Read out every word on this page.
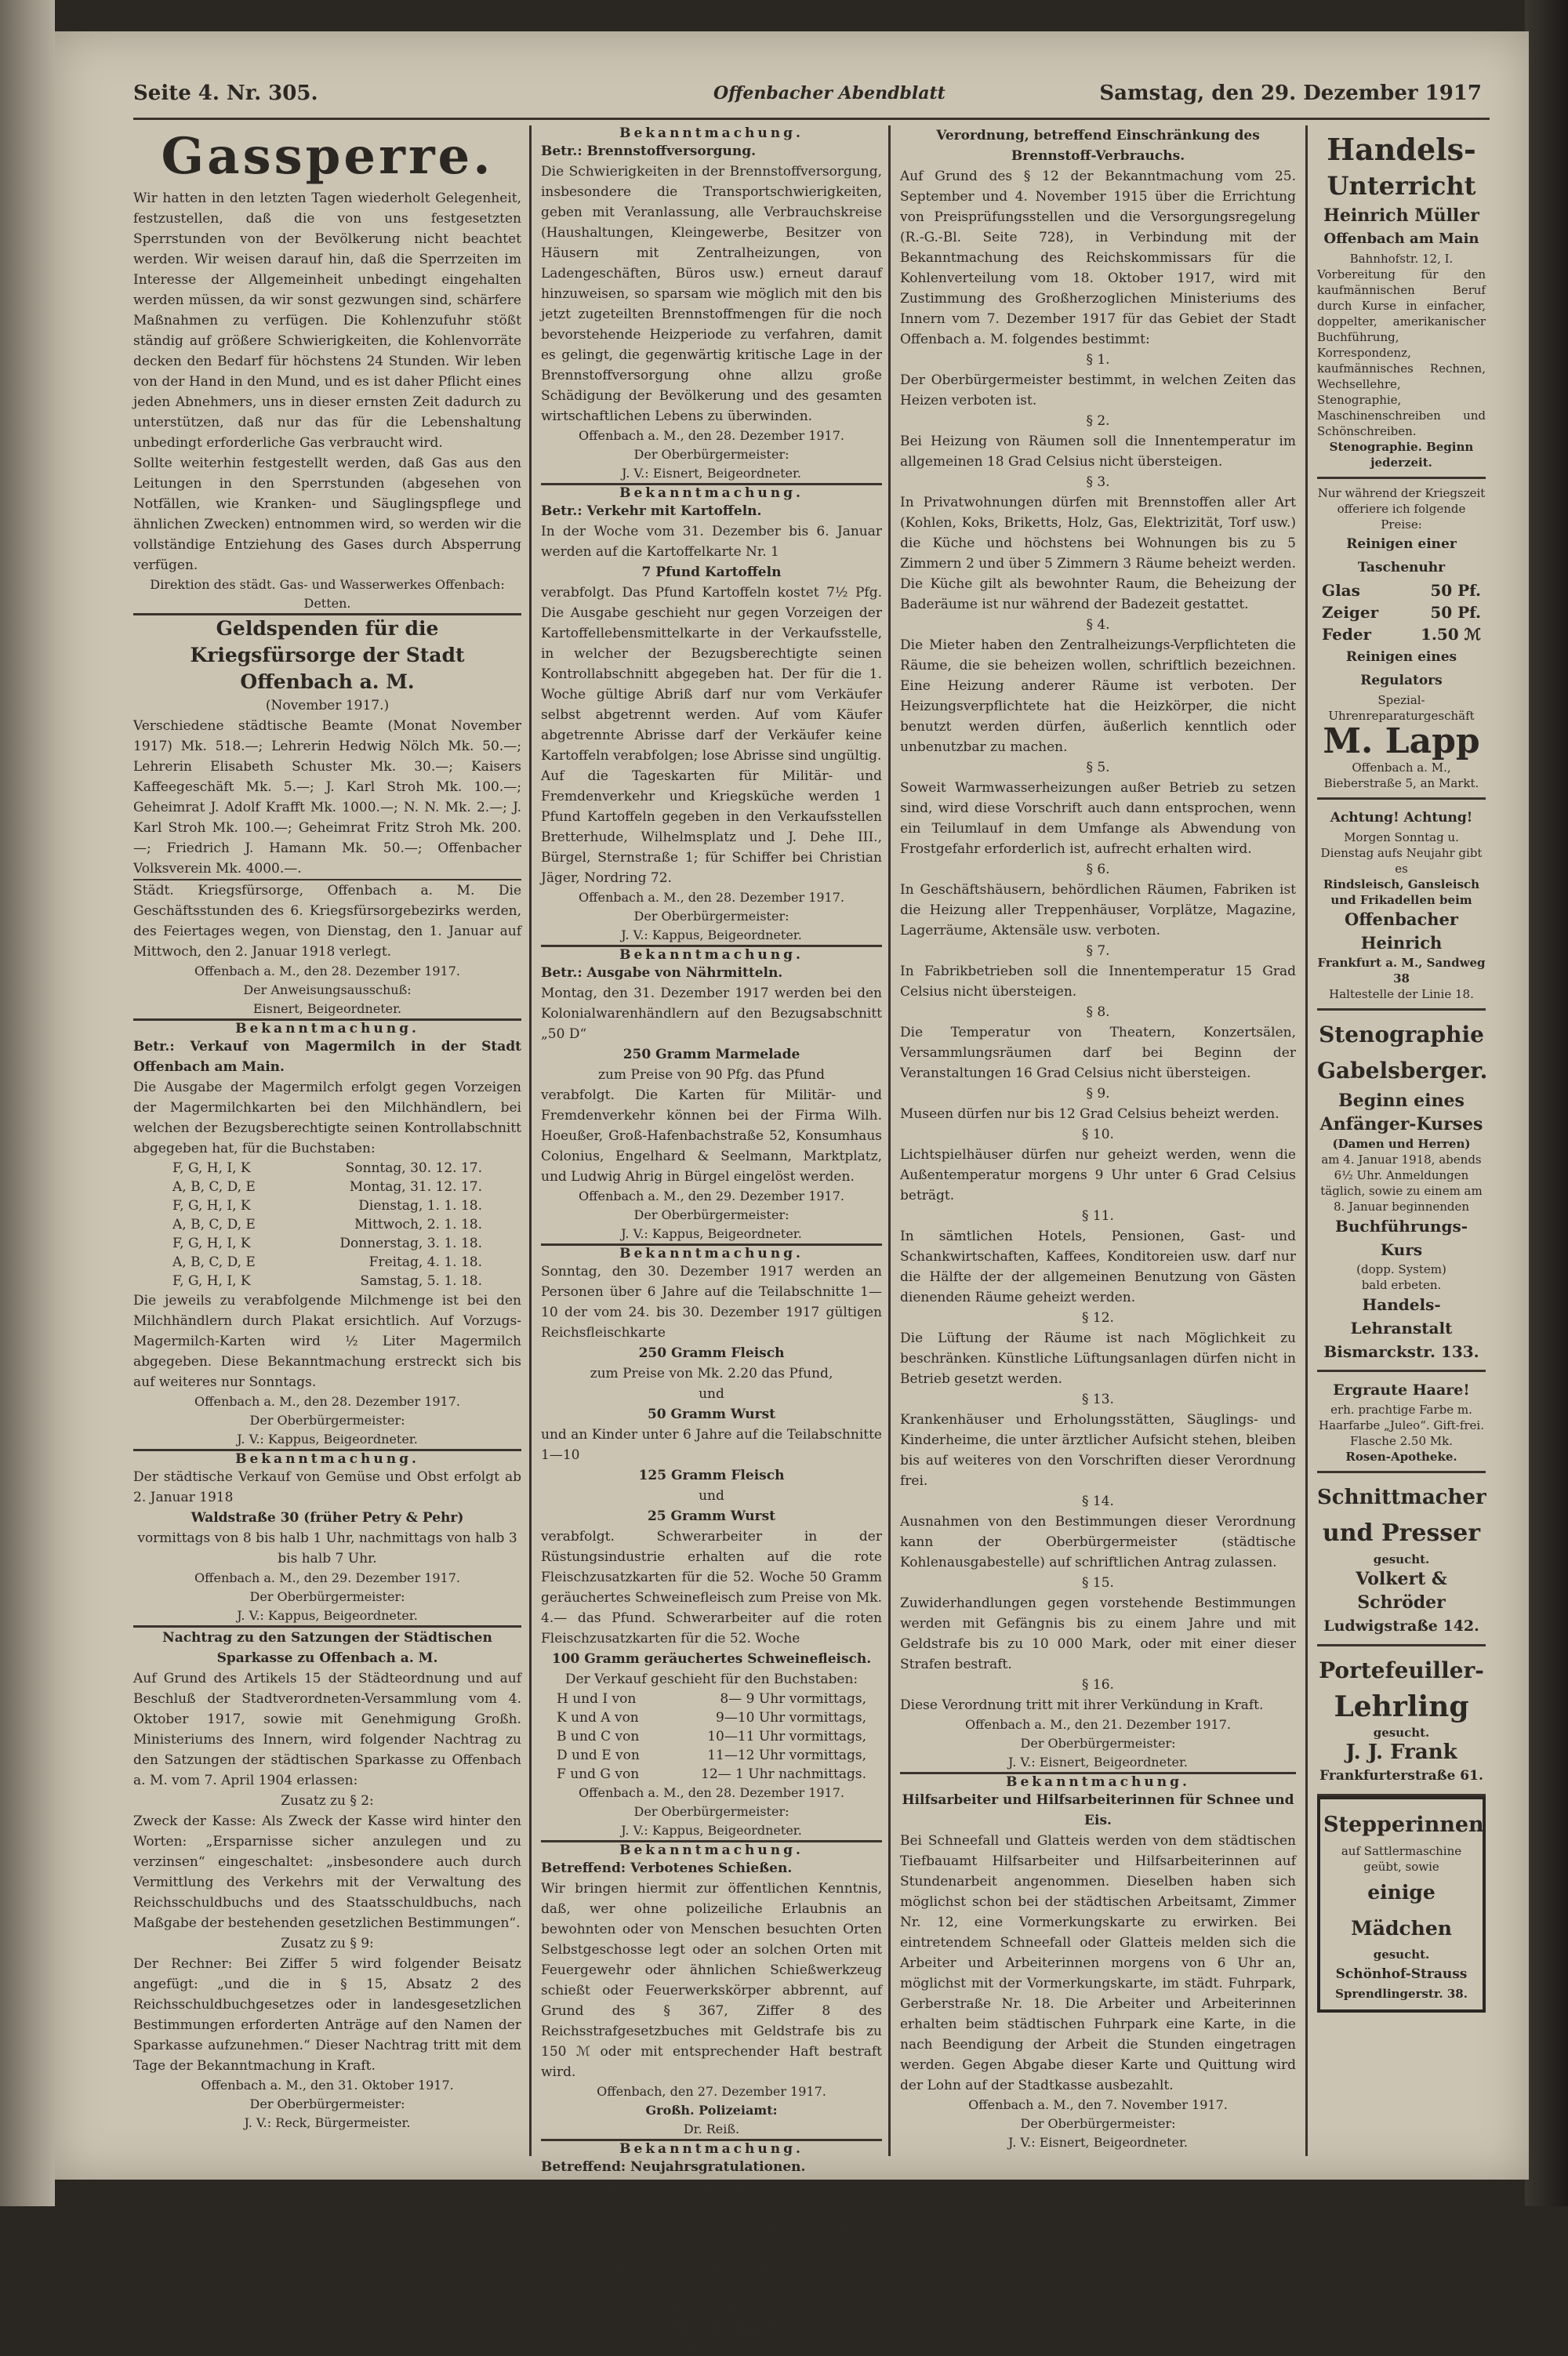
Seite 4. Nr. 305.	Offenbacher Abendblatt	Samstag, den 29. Dezember 1917
Gassperre.

Wir hatten in den letzten Tagen wiederholt Gelegenheit, festzustellen, daß die von uns festgesetzten Sperrstunden von der Bevölkerung nicht beachtet werden. Wir weisen darauf hin, daß die Sperrzeiten im Interesse der Allgemeinheit unbedingt eingehalten werden müssen, da wir sonst gezwungen sind, schärfere Maßnahmen zu verfügen. Die Kohlenzufuhr stößt ständig auf größere Schwierigkeiten, die Kohlenvorräte decken den Bedarf für höchstens 24 Stunden. Wir leben von der Hand in den Mund, und es ist daher Pflicht eines jeden Abnehmers, uns in dieser ernsten Zeit dadurch zu unterstützen, daß nur das für die Lebenshaltung unbedingt erforderliche Gas verbraucht wird.

Sollte weiterhin festgestellt werden, daß Gas aus den Leitungen in den Sperrstunden (abgesehen von Notfällen, wie Kranken- und Säuglingspflege und ähnlichen Zwecken) entnommen wird, so werden wir die vollständige Entziehung des Gases durch Absperrung verfügen.

Direktion des städt. Gas- und Wasserwerkes Offenbach:

Detten.

Geldspenden für die Kriegsfürsorge der Stadt Offenbach a. M.

(November 1917.)

Verschiedene städtische Beamte (Monat November 1917) Mk. 518.—; Lehrerin Hedwig Nölch Mk. 50.—; Lehrerin Elisabeth Schuster Mk. 30.—; Kaisers Kaffeegeschäft Mk. 5.—; J. Karl Stroh Mk. 100.—; Geheimrat J. Adolf Krafft Mk. 1000.—; N. N. Mk. 2.—; J. Karl Stroh Mk. 100.—; Geheimrat Fritz Stroh Mk. 200.—; Friedrich J. Hamann Mk. 50.—; Offenbacher Volksverein Mk. 4000.—.

Städt. Kriegsfürsorge, Offenbach a. M. Die Geschäftsstunden des 6. Kriegsfürsorgebezirks werden, des Feiertages wegen, von Dienstag, den 1. Januar auf Mittwoch, den 2. Januar 1918 verlegt.

Offenbach a. M., den 28. Dezember 1917.

Der Anweisungsausschuß:

Eisnert, Beigeordneter.

Bekanntmachung.

Betr.: Verkauf von Magermilch in der Stadt Offenbach am Main.

Die Ausgabe der Magermilch erfolgt gegen Vorzeigen der Magermilchkarten bei den Milchhändlern, bei welchen der Bezugsberechtigte seinen Kontrollabschnitt abgegeben hat, für die Buchstaben:

F, G, H, I, K	Sonntag, 30. 12. 17.
A, B, C, D, E	Montag, 31. 12. 17.
F, G, H, I, K	Dienstag, 1. 1. 18.
A, B, C, D, E	Mittwoch, 2. 1. 18.
F, G, H, I, K	Donnerstag, 3. 1. 18.
A, B, C, D, E	Freitag, 4. 1. 18.
F, G, H, I, K	Samstag, 5. 1. 18.

Die jeweils zu verabfolgende Milchmenge ist bei den Milchhändlern durch Plakat ersichtlich. Auf Vorzugs-Magermilch-Karten wird ½ Liter Magermilch abgegeben. Diese Bekanntmachung erstreckt sich bis auf weiteres nur Sonntags.

Offenbach a. M., den 28. Dezember 1917.

Der Oberbürgermeister:

J. V.: Kappus, Beigeordneter.

Bekanntmachung.

Der städtische Verkauf von Gemüse und Obst erfolgt ab 2. Januar 1918

Waldstraße 30 (früher Petry & Pehr)

vormittags von 8 bis halb 1 Uhr, nachmittags von halb 3 bis halb 7 Uhr.

Offenbach a. M., den 29. Dezember 1917.

Der Oberbürgermeister:

J. V.: Kappus, Beigeordneter.

Nachtrag zu den Satzungen der Städtischen Sparkasse zu Offenbach a. M.

Auf Grund des Artikels 15 der Städteordnung und auf Beschluß der Stadtverordneten-Versammlung vom 4. Oktober 1917, sowie mit Genehmigung Großh. Ministeriums des Innern, wird folgender Nachtrag zu den Satzungen der städtischen Sparkasse zu Offenbach a. M. vom 7. April 1904 erlassen:

Zusatz zu § 2:

Zweck der Kasse: Als Zweck der Kasse wird hinter den Worten: „Ersparnisse sicher anzulegen und zu verzinsen“ eingeschaltet: „insbesondere auch durch Vermittlung des Verkehrs mit der Verwaltung des Reichsschuldbuchs und des Staatsschuldbuchs, nach Maßgabe der bestehenden gesetzlichen Bestimmungen“.

Zusatz zu § 9:

Der Rechner: Bei Ziffer 5 wird folgender Beisatz angefügt: „und die in § 15, Absatz 2 des Reichsschuldbuchgesetzes oder in landesgesetzlichen Bestimmungen erforderten Anträge auf den Namen der Sparkasse aufzunehmen.“ Dieser Nachtrag tritt mit dem Tage der Bekanntmachung in Kraft.

Offenbach a. M., den 31. Oktober 1917.

Der Oberbürgermeister:

J. V.: Reck, Bürgermeister.

Bekanntmachung.

Betr.: Brennstoffversorgung.

Die Schwierigkeiten in der Brennstoffversorgung, insbesondere die Transportschwierigkeiten, geben mit Veranlassung, alle Verbrauchskreise (Haushaltungen, Kleingewerbe, Besitzer von Häusern mit Zentralheizungen, von Ladengeschäften, Büros usw.) erneut darauf hinzuweisen, so sparsam wie möglich mit den bis jetzt zugeteilten Brennstoffmengen für die noch bevorstehende Heizperiode zu verfahren, damit es gelingt, die gegenwärtig kritische Lage in der Brennstoffversorgung ohne allzu große Schädigung der Bevölkerung und des gesamten wirtschaftlichen Lebens zu überwinden.

Offenbach a. M., den 28. Dezember 1917.

Der Oberbürgermeister:

J. V.: Eisnert, Beigeordneter.

Bekanntmachung.

Betr.: Verkehr mit Kartoffeln.

In der Woche vom 31. Dezember bis 6. Januar werden auf die Kartoffelkarte Nr. 1

7 Pfund Kartoffeln

verabfolgt. Das Pfund Kartoffeln kostet 7½ Pfg. Die Ausgabe geschieht nur gegen Vorzeigen der Kartoffellebensmittelkarte in der Verkaufsstelle, in welcher der Bezugsberechtigte seinen Kontrollabschnitt abgegeben hat. Der für die 1. Woche gültige Abriß darf nur vom Verkäufer selbst abgetrennt werden. Auf vom Käufer abgetrennte Abrisse darf der Verkäufer keine Kartoffeln verabfolgen; lose Abrisse sind ungültig.

Auf die Tageskarten für Militär- und Fremdenverkehr und Kriegsküche werden 1 Pfund Kartoffeln gegeben in den Verkaufsstellen Bretterhude, Wilhelmsplatz und J. Dehe III., Bürgel, Sternstraße 1; für Schiffer bei Christian Jäger, Nordring 72.

Offenbach a. M., den 28. Dezember 1917.

Der Oberbürgermeister:

J. V.: Kappus, Beigeordneter.

Bekanntmachung.

Betr.: Ausgabe von Nährmitteln.

Montag, den 31. Dezember 1917 werden bei den Kolonialwarenhändlern auf den Bezugsabschnitt „50 D“

250 Gramm Marmelade

zum Preise von 90 Pfg. das Pfund

verabfolgt. Die Karten für Militär- und Fremdenverkehr können bei der Firma Wilh. Hoeußer, Groß-Hafenbachstraße 52, Konsumhaus Colonius, Engelhard & Seelmann, Marktplatz, und Ludwig Ahrig in Bürgel eingelöst werden.

Offenbach a. M., den 29. Dezember 1917.

Der Oberbürgermeister:

J. V.: Kappus, Beigeordneter.

Bekanntmachung.

Sonntag, den 30. Dezember 1917 werden an Personen über 6 Jahre auf die Teilabschnitte 1—10 der vom 24. bis 30. Dezember 1917 gültigen Reichsfleischkarte

250 Gramm Fleisch

zum Preise von Mk. 2.20 das Pfund,

und

50 Gramm Wurst

und an Kinder unter 6 Jahre auf die Teilabschnitte 1—10

125 Gramm Fleisch

und

25 Gramm Wurst

verabfolgt. Schwerarbeiter in der Rüstungsindustrie erhalten auf die rote Fleischzusatzkarten für die 52. Woche 50 Gramm geräuchertes Schweinefleisch zum Preise von Mk. 4.— das Pfund. Schwerarbeiter auf die roten Fleischzusatzkarten für die 52. Woche

100 Gramm geräuchertes Schweinefleisch.

Der Verkauf geschieht für den Buchstaben:

H und I von	8— 9 Uhr vormittags,
K und A von	9—10 Uhr vormittags,
B und C von	10—11 Uhr vormittags,
D und E von	11—12 Uhr vormittags,
F und G von	12— 1 Uhr nachmittags.

Offenbach a. M., den 28. Dezember 1917.

Der Oberbürgermeister:

J. V.: Kappus, Beigeordneter.

Bekanntmachung.

Betreffend: Verbotenes Schießen.

Wir bringen hiermit zur öffentlichen Kenntnis, daß, wer ohne polizeiliche Erlaubnis an bewohnten oder von Menschen besuchten Orten Selbstgeschosse legt oder an solchen Orten mit Feuergewehr oder ähnlichen Schießwerkzeug schießt oder Feuerwerkskörper abbrennt, auf Grund des § 367, Ziffer 8 des Reichsstrafgesetzbuches mit Geldstrafe bis zu 150 ℳ oder mit entsprechender Haft bestraft wird.

Offenbach, den 27. Dezember 1917.

Großh. Polizeiamt:

Dr. Reiß.

Bekanntmachung.

Betreffend: Neujahrsgratulationen.

Wir bringen hiermit zur öffentlichen Kenntnis, daß das Einsammeln von Geschenken unter dem Vorwand von Neujahrs-Gratulationen verboten ist, und daß jede Zuwiderhandlung auf Grund des § 361, Ziffer 4 des Reichs-Strafgesetzbuches wegen Bettelns zur Anzeige gebracht wird.

Offenbach, den 27. Dezember 1917.

Großh. Polizeiamt:

Dr. Reiß.

Verordnung, betreffend Einschränkung des Brennstoff-Verbrauchs.

Auf Grund des § 12 der Bekanntmachung vom 25. September und 4. November 1915 über die Errichtung von Preisprüfungsstellen und die Versorgungsregelung (R.-G.-Bl. Seite 728), in Verbindung mit der Bekanntmachung des Reichskommissars für die Kohlenverteilung vom 18. Oktober 1917, wird mit Zustimmung des Großherzoglichen Ministeriums des Innern vom 7. Dezember 1917 für das Gebiet der Stadt Offenbach a. M. folgendes bestimmt:

§ 1.

Der Oberbürgermeister bestimmt, in welchen Zeiten das Heizen verboten ist.

§ 2.

Bei Heizung von Räumen soll die Innentemperatur im allgemeinen 18 Grad Celsius nicht übersteigen.

§ 3.

In Privatwohnungen dürfen mit Brennstoffen aller Art (Kohlen, Koks, Briketts, Holz, Gas, Elektrizität, Torf usw.) die Küche und höchstens bei Wohnungen bis zu 5 Zimmern 2 und über 5 Zimmern 3 Räume beheizt werden. Die Küche gilt als bewohnter Raum, die Beheizung der Baderäume ist nur während der Badezeit gestattet.

§ 4.

Die Mieter haben den Zentralheizungs-Verpflichteten die Räume, die sie beheizen wollen, schriftlich bezeichnen. Eine Heizung anderer Räume ist verboten. Der Heizungsverpflichtete hat die Heizkörper, die nicht benutzt werden dürfen, äußerlich kenntlich oder unbenutzbar zu machen.

§ 5.

Soweit Warmwasserheizungen außer Betrieb zu setzen sind, wird diese Vorschrift auch dann entsprochen, wenn ein Teilumlauf in dem Umfange als Abwendung von Frostgefahr erforderlich ist, aufrecht erhalten wird.

§ 6.

In Geschäftshäusern, behördlichen Räumen, Fabriken ist die Heizung aller Treppenhäuser, Vorplätze, Magazine, Lagerräume, Aktensäle usw. verboten.

§ 7.

In Fabrikbetrieben soll die Innentemperatur 15 Grad Celsius nicht übersteigen.

§ 8.

Die Temperatur von Theatern, Konzertsälen, Versammlungsräumen darf bei Beginn der Veranstaltungen 16 Grad Celsius nicht übersteigen.

§ 9.

Museen dürfen nur bis 12 Grad Celsius beheizt werden.

§ 10.

Lichtspielhäuser dürfen nur geheizt werden, wenn die Außentemperatur morgens 9 Uhr unter 6 Grad Celsius beträgt.

§ 11.

In sämtlichen Hotels, Pensionen, Gast- und Schankwirtschaften, Kaffees, Konditoreien usw. darf nur die Hälfte der der allgemeinen Benutzung von Gästen dienenden Räume geheizt werden.

§ 12.

Die Lüftung der Räume ist nach Möglichkeit zu beschränken. Künstliche Lüftungsanlagen dürfen nicht in Betrieb gesetzt werden.

§ 13.

Krankenhäuser und Erholungsstätten, Säuglings- und Kinderheime, die unter ärztlicher Aufsicht stehen, bleiben bis auf weiteres von den Vorschriften dieser Verordnung frei.

§ 14.

Ausnahmen von den Bestimmungen dieser Verordnung kann der Oberbürgermeister (städtische Kohlenausgabestelle) auf schriftlichen Antrag zulassen.

§ 15.

Zuwiderhandlungen gegen vorstehende Bestimmungen werden mit Gefängnis bis zu einem Jahre und mit Geldstrafe bis zu 10 000 Mark, oder mit einer dieser Strafen bestraft.

§ 16.

Diese Verordnung tritt mit ihrer Verkündung in Kraft.

Offenbach a. M., den 21. Dezember 1917.

Der Oberbürgermeister:

J. V.: Eisnert, Beigeordneter.

Bekanntmachung.

Hilfsarbeiter und Hilfsarbeiterinnen für Schnee und Eis.

Bei Schneefall und Glatteis werden von dem städtischen Tiefbauamt Hilfsarbeiter und Hilfsarbeiterinnen auf Stundenarbeit angenommen. Dieselben haben sich möglichst schon bei der städtischen Arbeitsamt, Zimmer Nr. 12, eine Vormerkungskarte zu erwirken. Bei eintretendem Schneefall oder Glatteis melden sich die Arbeiter und Arbeiterinnen morgens von 6 Uhr an, möglichst mit der Vormerkungskarte, im städt. Fuhrpark, Gerberstraße Nr. 18. Die Arbeiter und Arbeiterinnen erhalten beim städtischen Fuhrpark eine Karte, in die nach Beendigung der Arbeit die Stunden eingetragen werden. Gegen Abgabe dieser Karte und Quittung wird der Lohn auf der Stadtkasse ausbezahlt.

Offenbach a. M., den 7. November 1917.

Der Oberbürgermeister:

J. V.: Eisnert, Beigeordneter.

Handels-
Unterricht
Heinrich Müller
Offenbach am Main
Bahnhofstr. 12, I.
Vorbereitung für den kaufmännischen Beruf durch Kurse in einfacher, doppelter, amerikanischer Buchführung, Korrespondenz, kaufmännisches Rechnen, Wechsellehre, Stenographie, Maschinenschreiben und Schönschreiben.
Stenographie. Beginn jederzeit.
Nur während der Kriegszeit offeriere ich folgende Preise:
Reinigen einer Taschenuhr
Glas	50 Pf.
Zeiger	50 Pf.
Feder	1.50 ℳ
Reinigen eines Regulators
Spezial-Uhrenreparaturgeschäft
M. Lapp
Offenbach a. M., Bieberstraße 5, an Markt.
Achtung! Achtung!
Morgen Sonntag u. Dienstag aufs Neujahr gibt es
Rindsleisch, Gansleisch und Frikadellen beim
Offenbacher Heinrich
Frankfurt a. M., Sandweg 38
Haltestelle der Linie 18.
Stenographie
Gabelsberger.
Beginn eines
Anfänger-Kurses
(Damen und Herren)
am 4. Januar 1918, abends 6½ Uhr. Anmeldungen täglich, sowie zu einem am 8. Januar beginnenden
Buchführungs-Kurs
(dopp. System)
bald erbeten.
Handels-Lehranstalt
Bismarckstr. 133.
Ergraute Haare!
erh. prachtige Farbe m. Haarfarbe „Juleo“. Gift-frei. Flasche 2.50 Mk.
Rosen-Apotheke.
Schnittmacher
und Presser
gesucht.
Volkert & Schröder
Ludwigstraße 142.
Portefeuiller-
Lehrling
gesucht.
J. J. Frank
Frankfurterstraße 61.
Stepperinnen
auf Sattlermaschine geübt, sowie
einige Mädchen
gesucht.
Schönhof-Strauss
Sprendlingerstr. 38.
